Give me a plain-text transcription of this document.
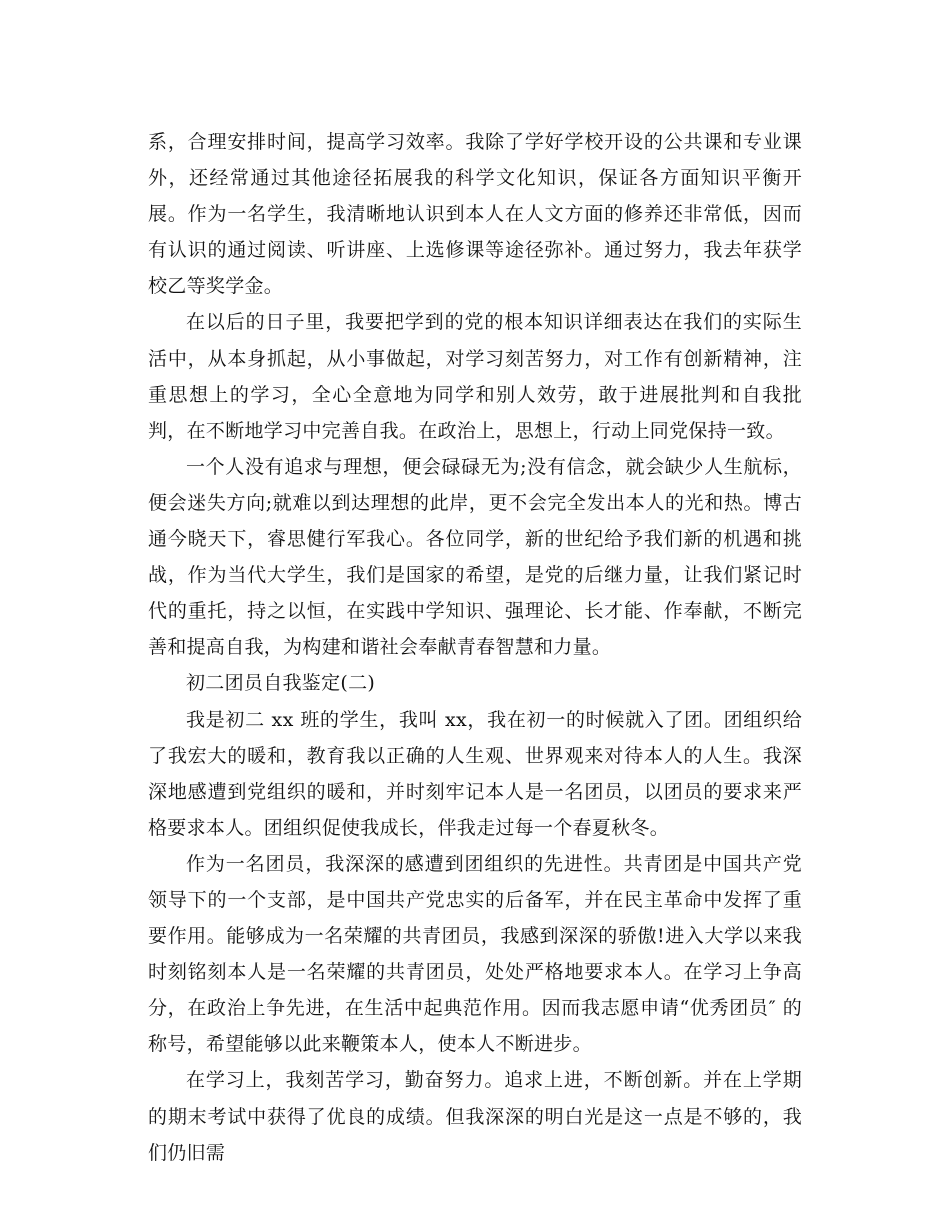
系，合理安排时间，提高学习效率。我除了学好学校开设的公共课和专业课外，还经常通过其他途径拓展我的科学文化知识，保证各方面知识平衡开展。作为一名学生，我清晰地认识到本人在人文方面的修养还非常低，因而有认识的通过阅读、听讲座、上选修课等途径弥补。通过努力，我去年获学校乙等奖学金。

在以后的日子里，我要把学到的党的根本知识详细表达在我们的实际生活中，从本身抓起，从小事做起，对学习刻苦努力，对工作有创新精神，注重思想上的学习，全心全意地为同学和别人效劳，敢于进展批判和自我批判，在不断地学习中完善自我。在政治上，思想上，行动上同党保持一致。

一个人没有追求与理想，便会碌碌无为;没有信念，就会缺少人生航标，便会迷失方向;就难以到达理想的此岸，更不会完全发出本人的光和热。博古通今晓天下，睿思健行军我心。各位同学，新的世纪给予我们新的机遇和挑战，作为当代大学生，我们是国家的希望，是党的后继力量，让我们紧记时代的重托，持之以恒，在实践中学知识、强理论、长才能、作奉献，不断完善和提高自我，为构建和谐社会奉献青春智慧和力量。

初二团员自我鉴定(二)

我是初二 xx 班的学生，我叫 xx，我在初一的时候就入了团。团组织给了我宏大的暖和，教育我以正确的人生观、世界观来对待本人的人生。我深深地感遭到党组织的暖和，并时刻牢记本人是一名团员，以团员的要求来严格要求本人。团组织促使我成长，伴我走过每一个春夏秋冬。

作为一名团员，我深深的感遭到团组织的先进性。共青团是中国共产党领导下的一个支部，是中国共产党忠实的后备军，并在民主革命中发挥了重要作用。能够成为一名荣耀的共青团员，我感到深深的骄傲!进入大学以来我时刻铭刻本人是一名荣耀的共青团员，处处严格地要求本人。在学习上争高分，在政治上争先进，在生活中起典范作用。因而我志愿申请“优秀团员″ 的称号，希望能够以此来鞭策本人，使本人不断进步。

在学习上，我刻苦学习，勤奋努力。追求上进，不断创新。并在上学期的期末考试中获得了优良的成绩。但我深深的明白光是这一点是不够的，我们仍旧需
